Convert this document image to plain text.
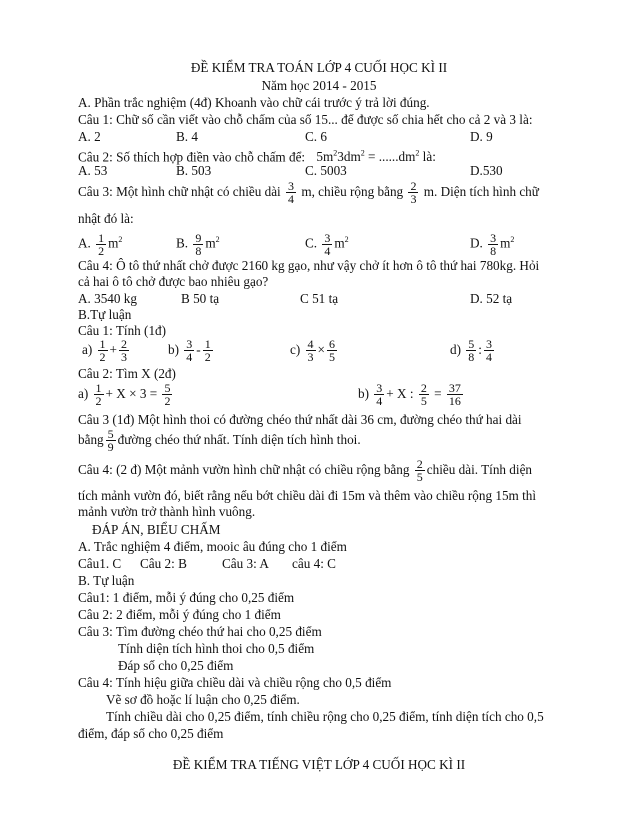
ĐỀ KIỂM TRA TOÁN LỚP 4 CUỐI HỌC KÌ II
Năm học 2014 - 2015
A. Phần trắc nghiệm (4đ) Khoanh vào chữ cái trước ý trả lời đúng.
Câu 1: Chữ số cần viết vào chỗ chấm của số 15... để được số chia hết cho cả 2 và 3 là:
A. 2	B. 4	C. 6	D. 9
Câu 2: Số thích hợp điền vào chỗ chấm để: $5m^23dm^2 = ......dm^2$ là:
A. 53	B. 503	C. 5003	D.530
Câu 3: Một hình chữ nhật có chiều dài $\frac{3}{4} m$, chiều rộng bằng $\frac{2}{3} m$. Diện tích hình chữ
nhật đó là:
A. $\frac{1}{2} m^2$	B. $\frac{9}{8} m^2$	C. $\frac{3}{4} m^2$	D. $\frac{3}{8} m^2$
Câu 4: Ô tô thứ nhất chở được 2160 kg gạo, như vậy chở ít hơn ô tô thứ hai 780kg. Hỏi
cả hai ô tô chở được bao nhiêu gạo?
A. 3540 kg	B 50 tạ	C 51 tạ	D. 52 tạ
B.Tự luận
Câu 1: Tính (1đ)
$a) \frac{1}{2} + \frac{2}{3}$	$b) \frac{3}{4} - \frac{1}{2}$	$c) \frac{4}{3} \times \frac{6}{5}$	$d) \frac{5}{8}$ : $\frac{3}{4}$
Câu 2: Tìm X (2đ)
$a) \frac{1}{2} + X \times 3 = \frac{5}{2}$	$b) \frac{3}{4} + X$ : $\frac{2}{5} = \frac{37}{16}$
Câu 3 (1đ) Một hình thoi có đường chéo thứ nhất dài 36 cm, đường chéo thứ hai dài
bằng $\frac{5}{9}$ đường chéo thứ nhất. Tính diện tích hình thoi.
Câu 4: (2 đ) Một mảnh vườn hình chữ nhật có chiều rộng bằng $\frac{2}{5}$ chiều dài. Tính diện
tích mảnh vườn đó, biết rằng nếu bớt chiều dài đi 15m và thêm vào chiều rộng 15m thì
mảnh vườn trở thành hình vuông.
ĐÁP ÁN, BIỂU CHẤM
A. Trắc nghiệm 4 điểm, mooic âu đúng cho 1 điểm
Câu1. C Câu 2: B	Câu 3: A câu 4: C
B. Tự luận
Câu1: 1 điểm, mỗi ý đúng cho 0,25 điểm
Câu 2: 2 điểm, mỗi ý đúng cho 1 điểm
Câu 3: Tìm đường chéo thứ hai cho 0,25 điểm
Tính diện tích hình thoi cho 0,5 điểm
Đáp số cho 0,25 điểm
Câu 4: Tính hiệu giữa chiều dài và chiều rộng cho 0,5 điểm
Vẽ sơ đồ hoặc lí luận cho 0,25 điểm.
Tính chiều dài cho 0,25 điểm, tính chiều rộng cho 0,25 điểm, tính diện tích cho 0,5
điểm, đáp số cho 0,25 điểm
ĐỀ KIỂM TRA TIẾNG VIỆT LỚP 4 CUỐI HỌC KÌ II
